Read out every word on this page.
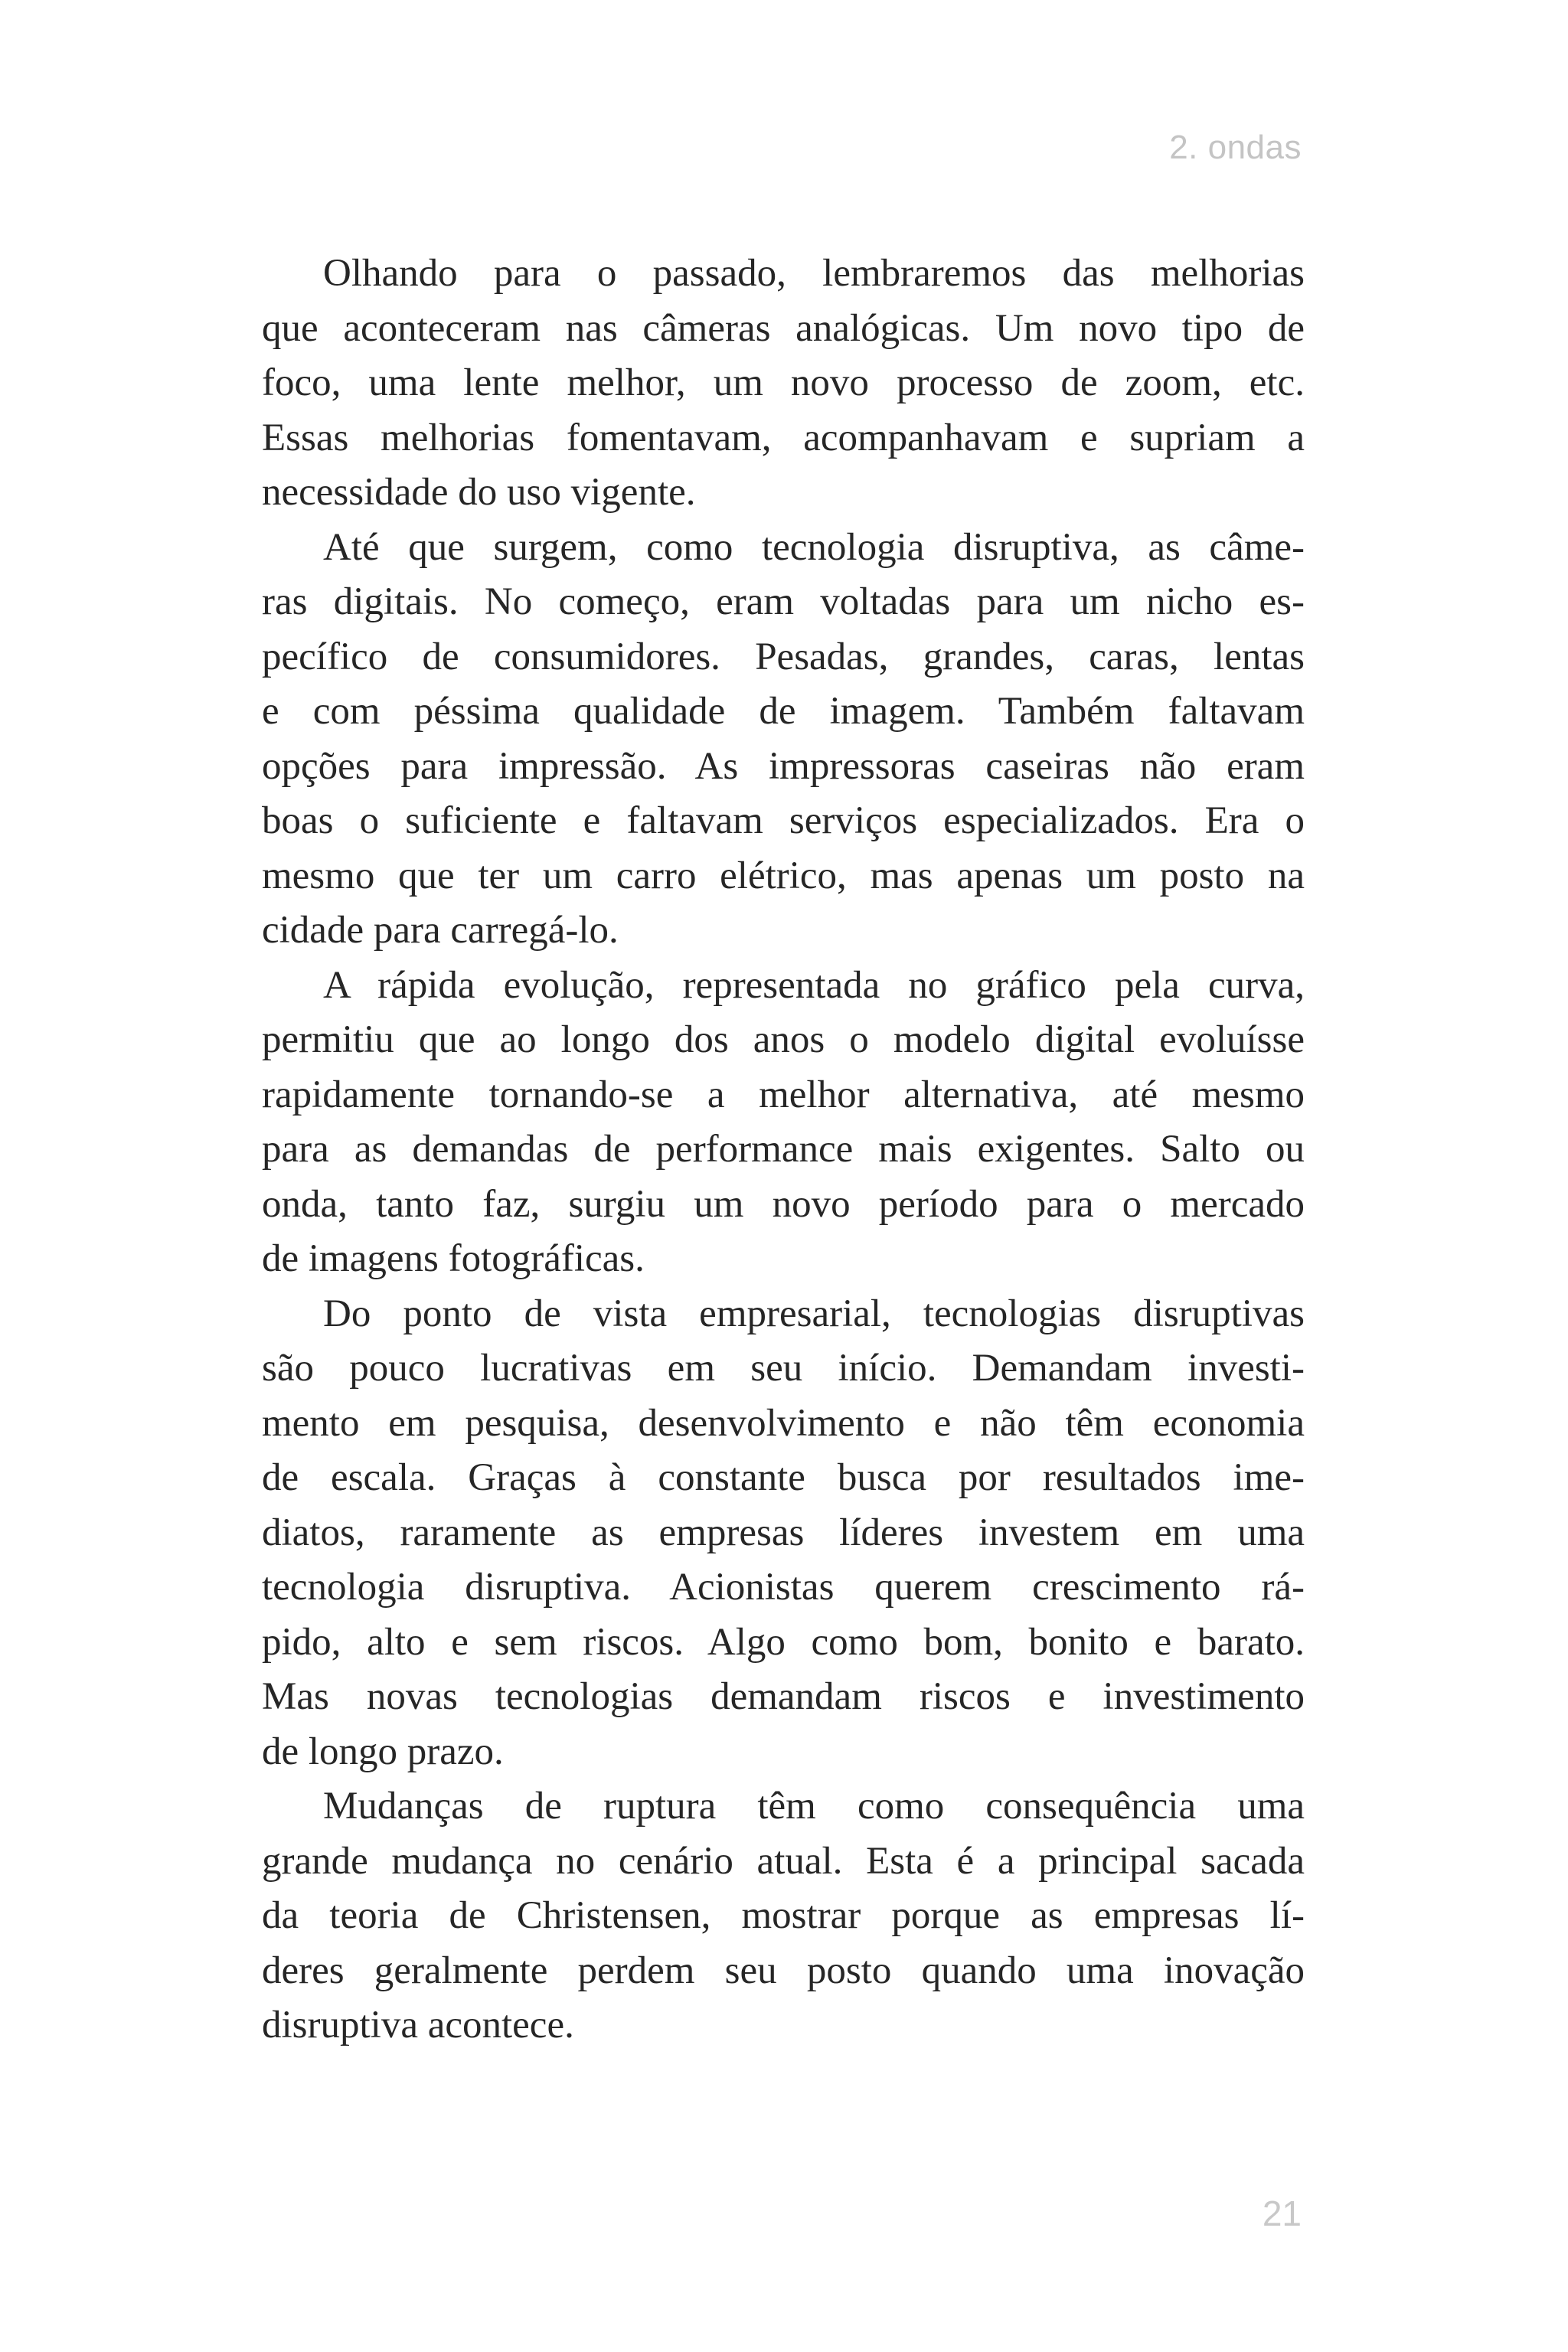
2. ondas
Olhando para o passado, lembraremos das melhorias
que aconteceram nas câmeras analógicas. Um novo tipo de
foco, uma lente melhor, um novo processo de zoom, etc.
Essas melhorias fomentavam, acompanhavam e supriam a
necessidade do uso vigente.
Até que surgem, como tecnologia disruptiva, as câme-
ras digitais. No começo, eram voltadas para um nicho es-
pecífico de consumidores. Pesadas, grandes, caras, lentas
e com péssima qualidade de imagem. Também faltavam
opções para impressão. As impressoras caseiras não eram
boas o suficiente e faltavam serviços especializados. Era o
mesmo que ter um carro elétrico, mas apenas um posto na
cidade para carregá-lo.
A rápida evolução, representada no gráfico pela curva,
permitiu que ao longo dos anos o modelo digital evoluísse
rapidamente tornando-se a melhor alternativa, até mesmo
para as demandas de performance mais exigentes. Salto ou
onda, tanto faz, surgiu um novo período para o mercado
de imagens fotográficas.
Do ponto de vista empresarial, tecnologias disruptivas
são pouco lucrativas em seu início. Demandam investi-
mento em pesquisa, desenvolvimento e não têm economia
de escala. Graças à constante busca por resultados ime-
diatos, raramente as empresas líderes investem em uma
tecnologia disruptiva. Acionistas querem crescimento rá-
pido, alto e sem riscos. Algo como bom, bonito e barato.
Mas novas tecnologias demandam riscos e investimento
de longo prazo.
Mudanças de ruptura têm como consequência uma
grande mudança no cenário atual. Esta é a principal sacada
da teoria de Christensen, mostrar porque as empresas lí-
deres geralmente perdem seu posto quando uma inovação
disruptiva acontece.
21
